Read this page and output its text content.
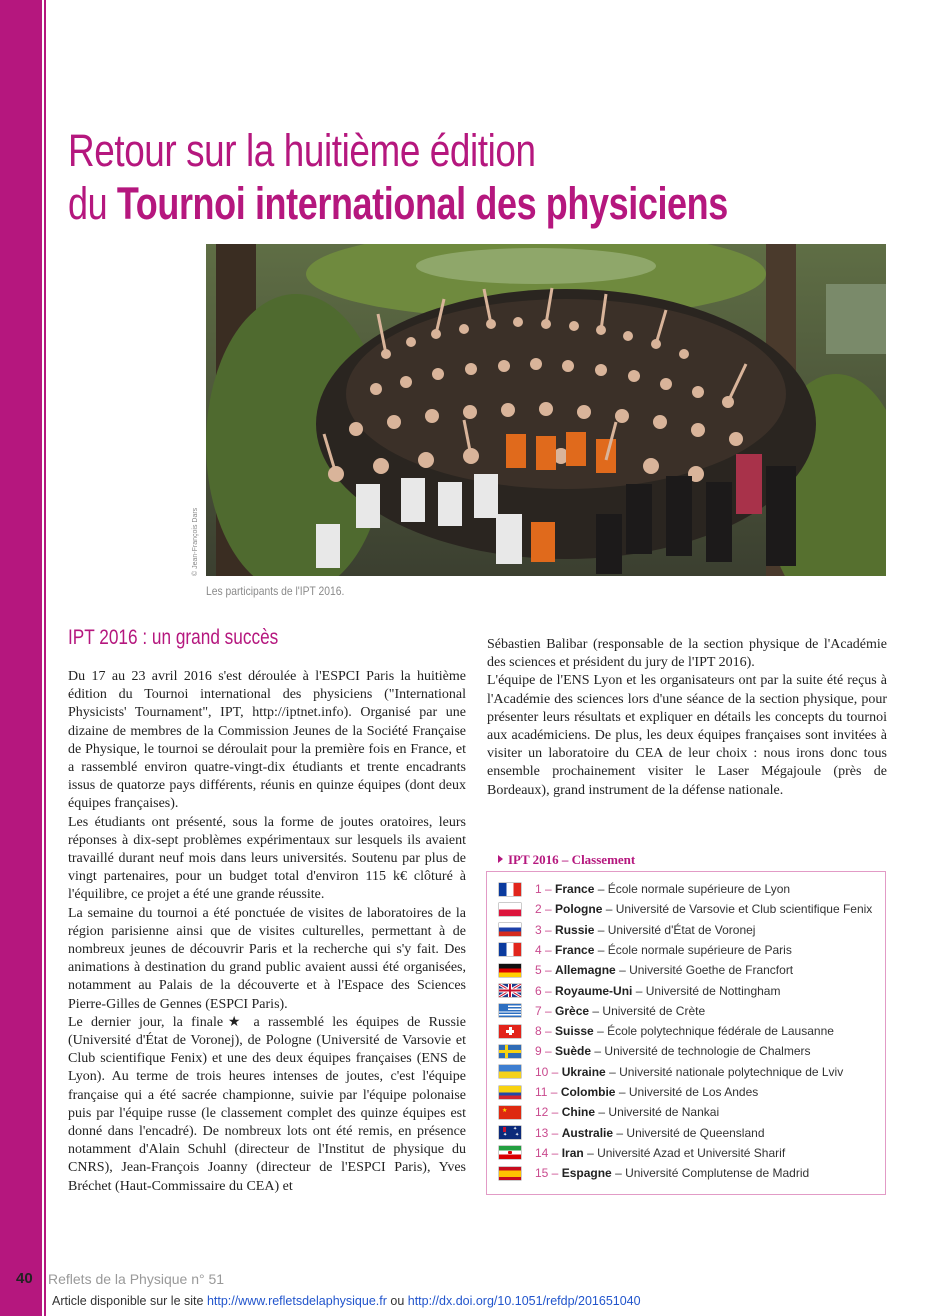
Retour sur la huitième édition
du Tournoi international des physiciens
© Jean-François Dars
Les participants de l'IPT 2016.
IPT 2016 : un grand succès

Du 17 au 23 avril 2016 s'est déroulée à l'ESPCI Paris la huitième édition du Tournoi international des physiciens ("International Physicists' Tournament", IPT, http://iptnet.info). Organisé par une dizaine de membres de la Commission Jeunes de la Société Française de Physique, le tournoi se déroulait pour la première fois en France, et a rassemblé environ quatre-vingt-dix étudiants et trente encadrants issus de quatorze pays différents, réunis en quinze équipes (dont deux équipes françaises).

Les étudiants ont présenté, sous la forme de joutes oratoires, leurs réponses à dix-sept problèmes expérimentaux sur lesquels ils avaient travaillé durant neuf mois dans leurs universités. Soutenu par plus de vingt partenaires, pour un budget total d'environ 115 k€ clôturé à l'équilibre, ce projet a été une grande réussite.

La semaine du tournoi a été ponctuée de visites de laboratoires de la région parisienne ainsi que de visites culturelles, permettant à de nombreux jeunes de découvrir Paris et la recherche qui s'y fait. Des animations à destination du grand public avaient aussi été organisées, notamment au Palais de la découverte et à l'Espace des Sciences Pierre-Gilles de Gennes (ESPCI Paris).

Le dernier jour, la finale★ a rassemblé les équipes de Russie (Université d'État de Voronej), de Pologne (Université de Varsovie et Club scientifique Fenix) et une des deux équipes françaises (ENS de Lyon). Au terme de trois heures intenses de joutes, c'est l'équipe française qui a été sacrée championne, suivie par l'équipe polonaise puis par l'équipe russe (le classement complet des quinze équipes est donné dans l'encadré). De nombreux lots ont été remis, en présence notamment d'Alain Schuhl (directeur de l'Institut de physique du CNRS), Jean-François Joanny (directeur de l'ESPCI Paris), Yves Bréchet (Haut-Commissaire du CEA) et

Sébastien Balibar (responsable de la section physique de l'Académie des sciences et président du jury de l'IPT 2016).

L'équipe de l'ENS Lyon et les organisateurs ont par la suite été reçus à l'Académie des sciences lors d'une séance de la section physique, pour présenter leurs résultats et expliquer en détails les concepts du tournoi aux académiciens. De plus, les deux équipes françaises sont invitées à visiter un laboratoire du CEA de leur choix : nous irons donc tous ensemble prochainement visiter le Laser Mégajoule (près de Bordeaux), grand instrument de la défense nationale.

IPT 2016 – Classement
1 –
France
– École normale supérieure de Lyon
2 –
Pologne
– Université de Varsovie et Club scientifique Fenix
3 –
Russie
– Université d'État de Voronej
4 –
France
– École normale supérieure de Paris
5 –
Allemagne
– Université Goethe de Francfort
6 –
Royaume-Uni
– Université de Nottingham
7 –
Grèce
– Université de Crète
8 –
Suisse
– École polytechnique fédérale de Lausanne
9 –
Suède
– Université de technologie de Chalmers
10 –
Ukraine
– Université nationale polytechnique de Lviv
11 –
Colombie
– Université de Los Andes
★ 12 –
Chine
– Université de Nankai
✦
✦
✦ 13 –
Australie
– Université de Queensland
14 –
Iran
– Université Azad et Université Sharif
15 –
Espagne
– Université Complutense de Madrid
40 Reflets de la Physique n° 51
Article disponible sur le site http://www.refletsdelaphysique.fr ou http://dx.doi.org/10.1051/refdp/201651040
